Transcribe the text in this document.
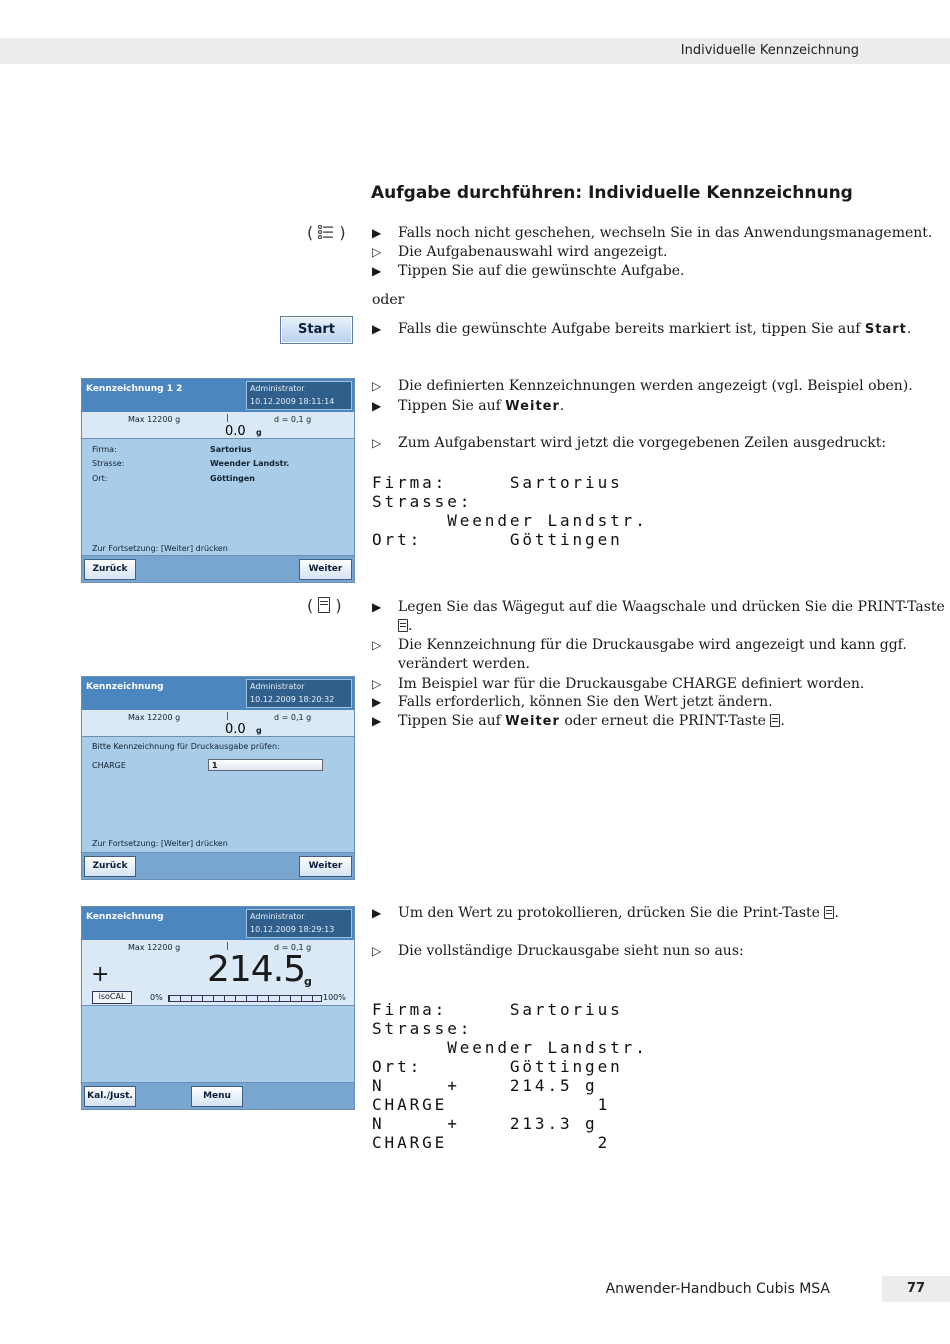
Individuelle Kennzeichnung
Aufgabe durchführen: Individuelle Kennzeichnung
(  ) ▶ Falls noch nicht geschehen, wechseln Sie in das Anwendungsmanagement.
▷ Die Aufgabenauswahl wird angezeigt.
▶ Tippen Sie auf die gewünschte Aufgabe.
oder
Start	▶ Falls die gewünschte Aufgabe bereits markiert ist, tippen Sie auf Start.
Kennzeichnung 1 2	Administrator
10.12.2009 18:11:14
Max 12200 g	|	d = 0,1 g
0.0 g
Firma:	Sartorius
Strasse:	Weender Landstr.
Ort:	Göttingen
Zur Fortsetzung: [Weiter] drücken
Zurück	Weiter
▷ Die definierten Kennzeichnungen werden angezeigt (vgl. Beispiel oben).
▶ Tippen Sie auf Weiter.
▷ Zum Aufgabenstart wird jetzt die vorgegebenen Zeilen ausgedruckt:
Firma:     Sartorius
Strasse:
Weender Landstr.
Ort:       Göttingen
(  )	▶ Legen Sie das Wägegut auf die Waagschale und drücken Sie die PRINT-Taste
.
▷ Die Kennzeichnung für die Druckausgabe wird angezeigt und kann ggf.
verändert werden.
▷ Im Beispiel war für die Druckausgabe CHARGE definiert worden.
▶ Falls erforderlich, können Sie den Wert jetzt ändern.
▶ Tippen Sie auf Weiter oder erneut die PRINT-Taste .
Kennzeichnung	Administrator
10.12.2009 18:20:32
Max 12200 g	|	d = 0,1 g
0.0 g
Bitte Kennzeichnung für Druckausgabe prüfen:
CHARGE	1
Zur Fortsetzung: [Weiter] drücken
Zurück	Weiter
▶ Um den Wert zu protokollieren, drücken Sie die Print-Taste .
▷ Die vollständige Druckausgabe sieht nun so aus:
Firma:     Sartorius
Strasse:
Weender Landstr.
Ort:       Göttingen
N     +    214.5 g
CHARGE            1
N     +    213.3 g
CHARGE            2
Kennzeichnung	Administrator
10.12.2009 18:29:13
Max 12200 g	|	d = 0,1 g
+	214.5
g
isoCAL	0%	100%
Kal./Just.	Menu
Anwender-Handbuch Cubis MSA	77
